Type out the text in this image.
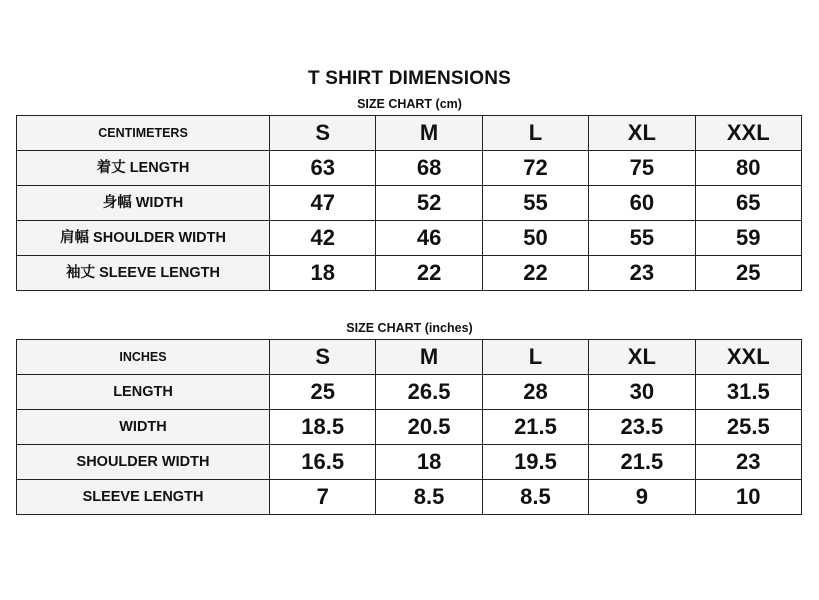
T SHIRT DIMENSIONS
SIZE CHART (cm)
CENTIMETERS	S	M	L	XL	XXL
着丈 LENGTH	63	68	72	75	80
身幅 WIDTH	47	52	55	60	65
肩幅 SHOULDER WIDTH	42	46	50	55	59
袖丈 SLEEVE LENGTH	18	22	22	23	25
SIZE CHART (inches)
INCHES	S	M	L	XL	XXL
LENGTH	25	26.5	28	30	31.5
WIDTH	18.5	20.5	21.5	23.5	25.5
SHOULDER WIDTH	16.5	18	19.5	21.5	23
SLEEVE LENGTH	7	8.5	8.5	9	10
